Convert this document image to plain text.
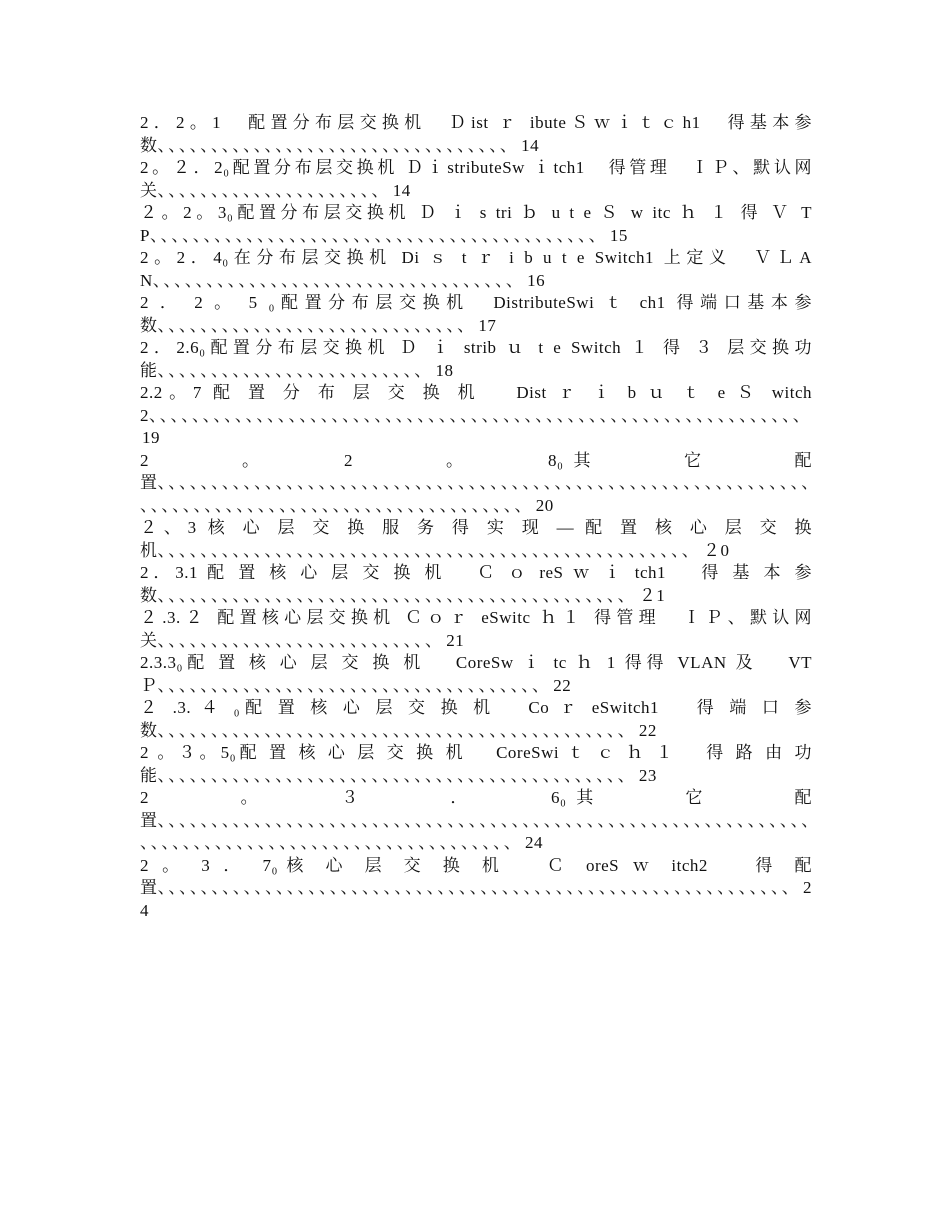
2．2。1　配置分布层交换机　Ｄist ｒ ibuteＳｗｉｔｃh1　得基本参数、、、、、、、、、、、、、、、、、、、、、、、、、、、、、、、、、 14
2。２．2₀配置分布层交换机 ＤｉstributeSw ｉtch1　得管理　ＩＰ、默认网关、、、、、、、、、、、、、、、、、、、、、 14
２。2。3₀配置分布层交换机 Ｄ ｉ s tri ｂ u t e Ｓ w itc ｈ １ 得 Ｖ TP、、、、、、、、、、、、、、、、、、、、、、、、、、、、、、、、、、、、、、、、、、 15
2。2．4₀在分布层交换机 Di ｓ t ｒ i b u t e Switch1 上定义　ＶＬAN、、、、、、、、、、、、、、、、、、、、、、、、、、、、、、、、、、 16
2 ． 2 。 5 ₀配置分布层交换机　DistributeSwi ｔ ch1 得端口基本参数、、、、、、、、、、、、、、、、、、、、、、、、、、、、、 17
2．2.6₀配置分布层交换机 Ｄ ｉ strib ｕ t e Switch １ 得 ３ 层交换功能、、、、、、、、、、、、、、、、、、、、、、、、、 18
2.2。7 配 置 分 布 层 交 换 机　 Dist ｒ ｉ b ｕ ｔ e Ｓ witch2、、、、、、、、、、、、、、、、、、、、、、、、、、、、、、、、、、、、、、、、、、、、、、、、、、、、、、、、、、、、、19
2　　　。　　　2　　　。　　　8₀其　　　它　　　配　　　置、、、、、、、、、、、、、、、、、、、、、、、、、、、、、、、、、、、、、、、、、、、、、、、、、、、、、、、、、、、、、、、、、、、、、、、、、、、、、、、、、、、、、、、、、、、、、、、、、 20
２、3 核 心 层 交 换 服 务 得 实 现 — 配 置 核 心 层 交 换 机、、、、、、、、、、、、、、、、、、、、、、、、、、、、、、、、、、、、、、、、、、、、、、、、、、 ２0
2．3.1 配 置 核 心 层 交 换 机　 Ｃ ｏ reS ｗ ｉ tch1　 得 基 本 参 数、、、、、、、、、、、、、、、、、、、、、、、、、、、、、、、、、、、、、、、、、、、、 ２1
２.3.２ 配置核心层交换机 Ｃｏｒ eSwitc ｈ１ 得管理　ＩＰ、默认网关、、、、、、、、、、、、、、、、、、、、、、、、、、 21
2.3.3₀配 置 核 心 层 交 换 机　 CoreSw ｉ tc ｈ 1 得得 VLAN 及　 VT Ｐ、、、、、、、、、、、、、、、、、、、、、、、、、、、、、、、、、、、、 22
２ .3. ４ ₀配 置 核 心 层 交 换 机 　Co ｒ eSwitch1　 得 端 口 参 数、、、、、、、、、、、、、、、、、、、、、、、、、、、、、、、、、、、、、、、、、、、、 22
2 。３。5₀配 置 核 心 层 交 换 机　 CoreSwi ｔ ｃ ｈ １　 得 路 由 功 能、、、、、、、、、、、、、、、、、、、、、、、、、、、、、、、、、、、、、、、、、、、、 23
2　　　。　　　３　　　．　　　6₀其　　　它　　　配　　　置、、、、、、、、、、、、、、、、、、、、、、、、、、、、、、、、、、、、、、、、、、、、、、、、、、、、、、、、、、、、、、、、、、、、、、、、、、、、、、、、、、、、、、、、、、、、、、、、 24
2 。 3 ． 7₀核 心 层 交 换 机　 Ｃ oreS ｗ itch2　 得 配 置、、、、、、、、、、、、、、、、、、、、、、、、、、、、、、、、、、、、、、、、、、、、、、、、、、、、、、、、、、、 24
